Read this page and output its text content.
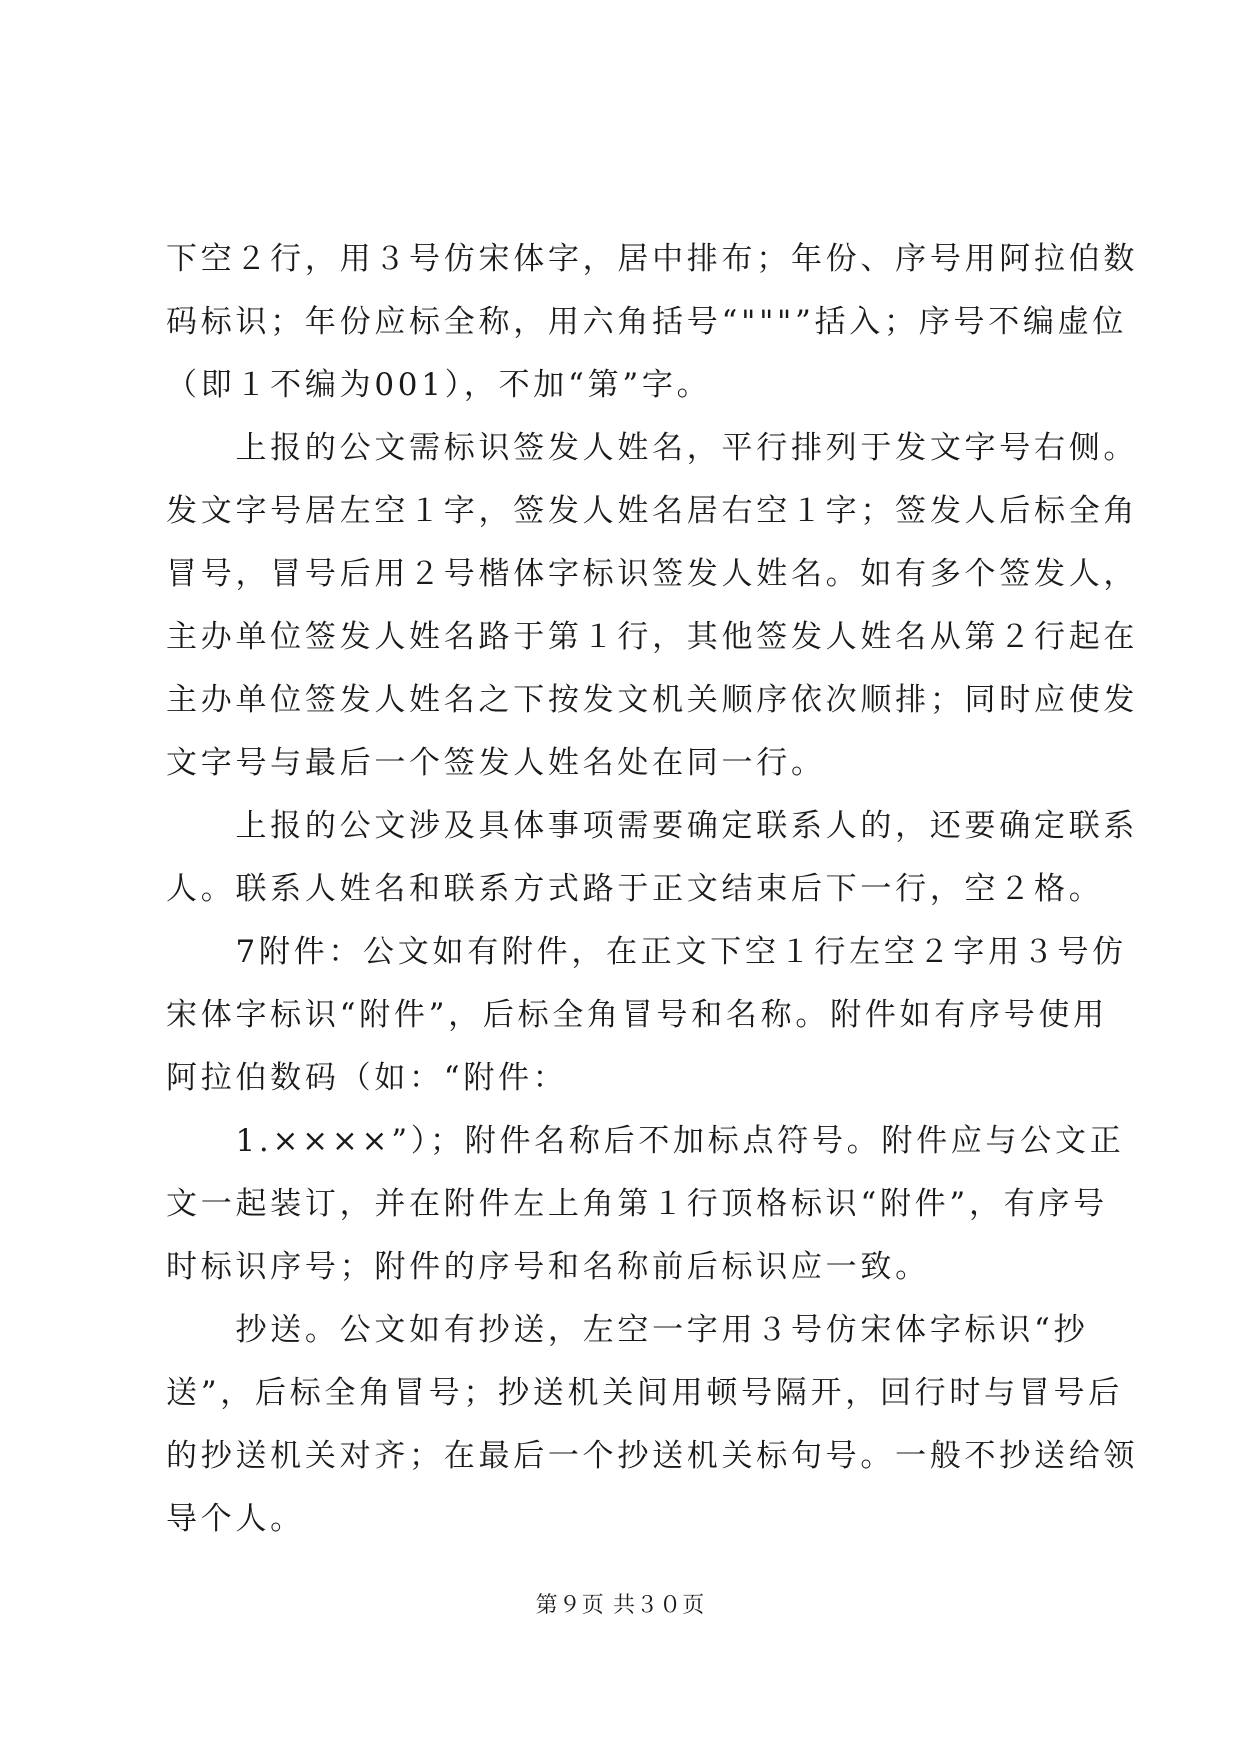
下空２行，用３号仿宋体字，居中排布；年份、序号用阿拉伯数
码标识；年份应标全称，用六角括号“"""”括入；序号不编虚位
（即１不编为001），不加“第”字。
　　上报的公文需标识签发人姓名，平行排列于发文字号右侧。
发文字号居左空１字，签发人姓名居右空１字；签发人后标全角
冒号，冒号后用２号楷体字标识签发人姓名。如有多个签发人，
主办单位签发人姓名路于第１行，其他签发人姓名从第２行起在
主办单位签发人姓名之下按发文机关顺序依次顺排；同时应使发
文字号与最后一个签发人姓名处在同一行。
　　上报的公文涉及具体事项需要确定联系人的，还要确定联系
人。联系人姓名和联系方式路于正文结束后下一行，空２格。
　　7附件：公文如有附件，在正文下空１行左空２字用３号仿
宋体字标识“附件”，后标全角冒号和名称。附件如有序号使用
阿拉伯数码（如：“附件：
　　1.××××”）；附件名称后不加标点符号。附件应与公文正
文一起装订，并在附件左上角第１行顶格标识“附件”，有序号
时标识序号；附件的序号和名称前后标识应一致。
　　抄送。公文如有抄送，左空一字用３号仿宋体字标识“抄
送”，后标全角冒号；抄送机关间用顿号隔开，回行时与冒号后
的抄送机关对齐；在最后一个抄送机关标句号。一般不抄送给领
导个人。
第９页 共３０页
